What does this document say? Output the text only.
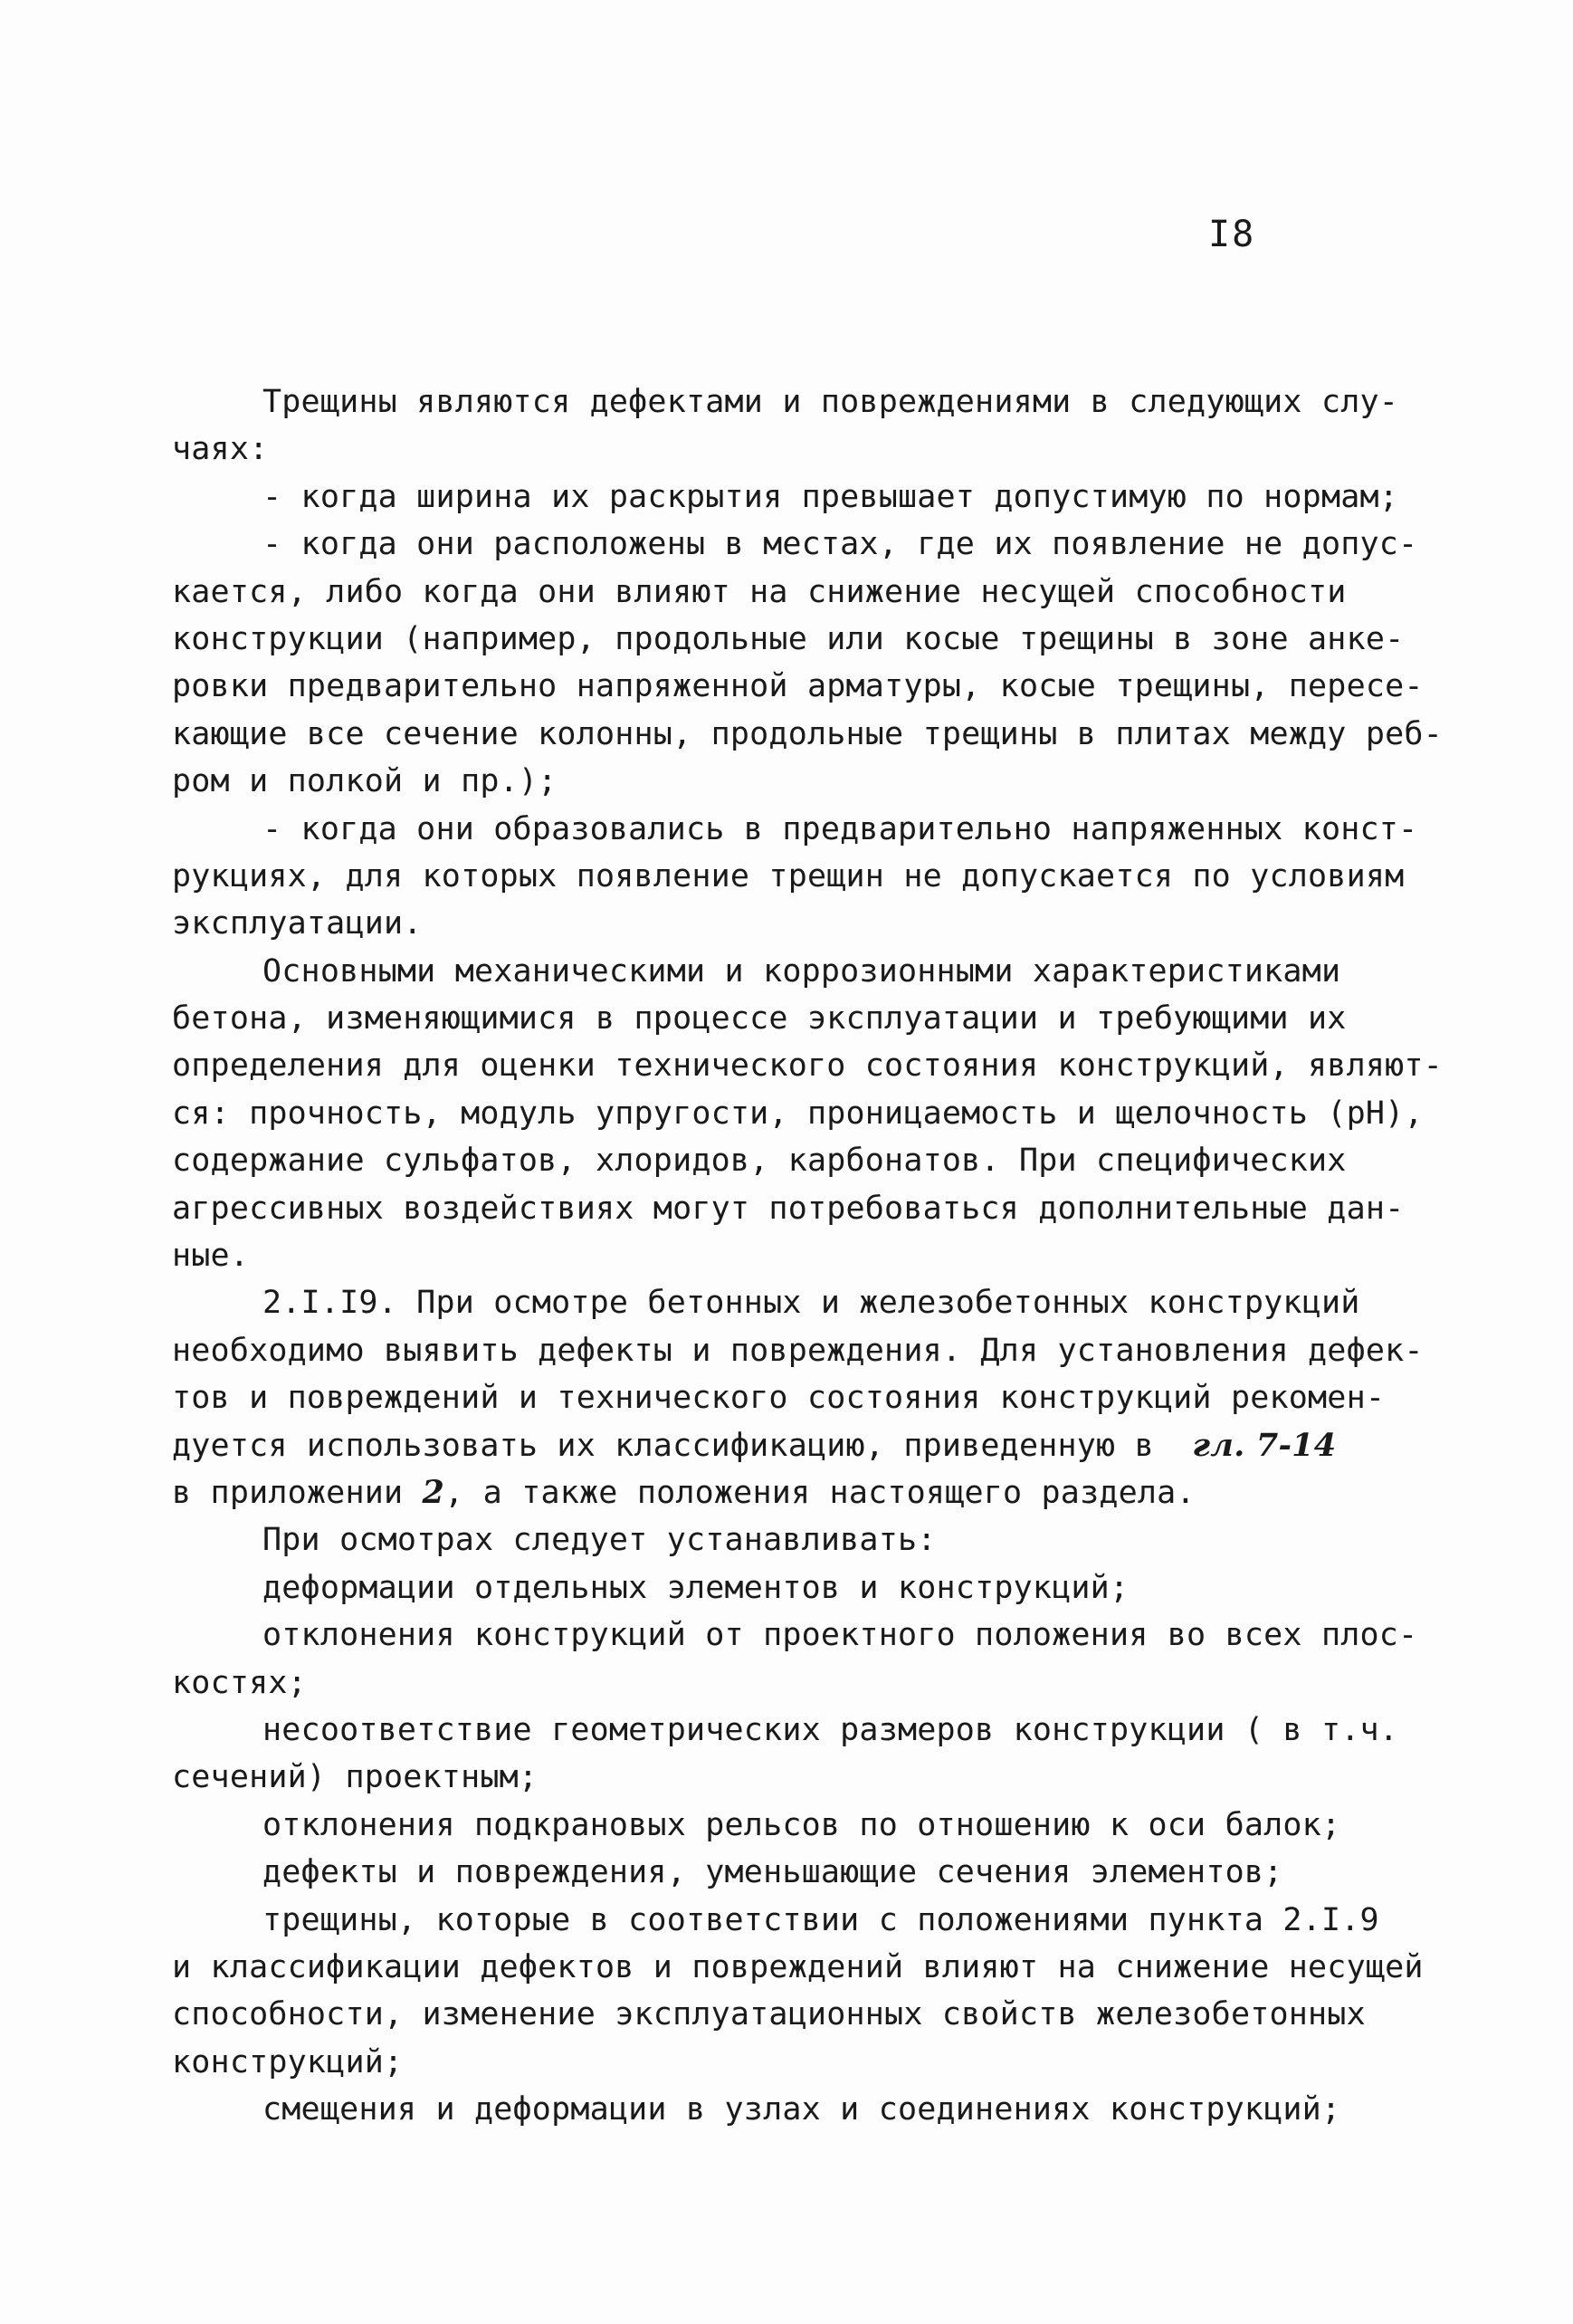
I8
Трещины являются дефектами и повреждениями в следующих слу-
чаях:
- когда ширина их раскрытия превышает допустимую по нормам;
- когда они расположены в местах, где их появление не допус-
кается, либо когда они влияют на снижение несущей способности
конструкции (например, продольные или косые трещины в зоне анке-
ровки предварительно напряженной арматуры, косые трещины, пересе-
кающие все сечение колонны, продольные трещины в плитах между реб-
ром и полкой и пр.);
- когда они образовались в предварительно напряженных конст-
рукциях, для которых появление трещин не допускается по условиям
эксплуатации.
Основными механическими и коррозионными характеристиками
бетона, изменяющимися в процессе эксплуатации и требующими их
определения для оценки технического состояния конструкций, являют-
ся: прочность, модуль упругости, проницаемость и щелочность (рН),
содержание сульфатов, хлоридов, карбонатов. При специфических
агрессивных воздействиях могут потребоваться дополнительные дан-
ные.
2.I.I9. При осмотре бетонных и железобетонных конструкций
необходимо выявить дефекты и повреждения. Для установления дефек-
тов и повреждений и технического состояния конструкций рекомен-
дуется использовать их классификацию, приведенную в гл. 7-14
в приложении 2, а также положения настоящего раздела.
При осмотрах следует устанавливать:
деформации отдельных элементов и конструкций;
отклонения конструкций от проектного положения во всех плос-
костях;
несоответствие геометрических размеров конструкции ( в т.ч.
сечений) проектным;
отклонения подкрановых рельсов по отношению к оси балок;
дефекты и повреждения, уменьшающие сечения элементов;
трещины, которые в соответствии с положениями пункта 2.I.9
и классификации дефектов и повреждений влияют на снижение несущей
способности, изменение эксплуатационных свойств железобетонных
конструкций;
смещения и деформации в узлах и соединениях конструкций;
